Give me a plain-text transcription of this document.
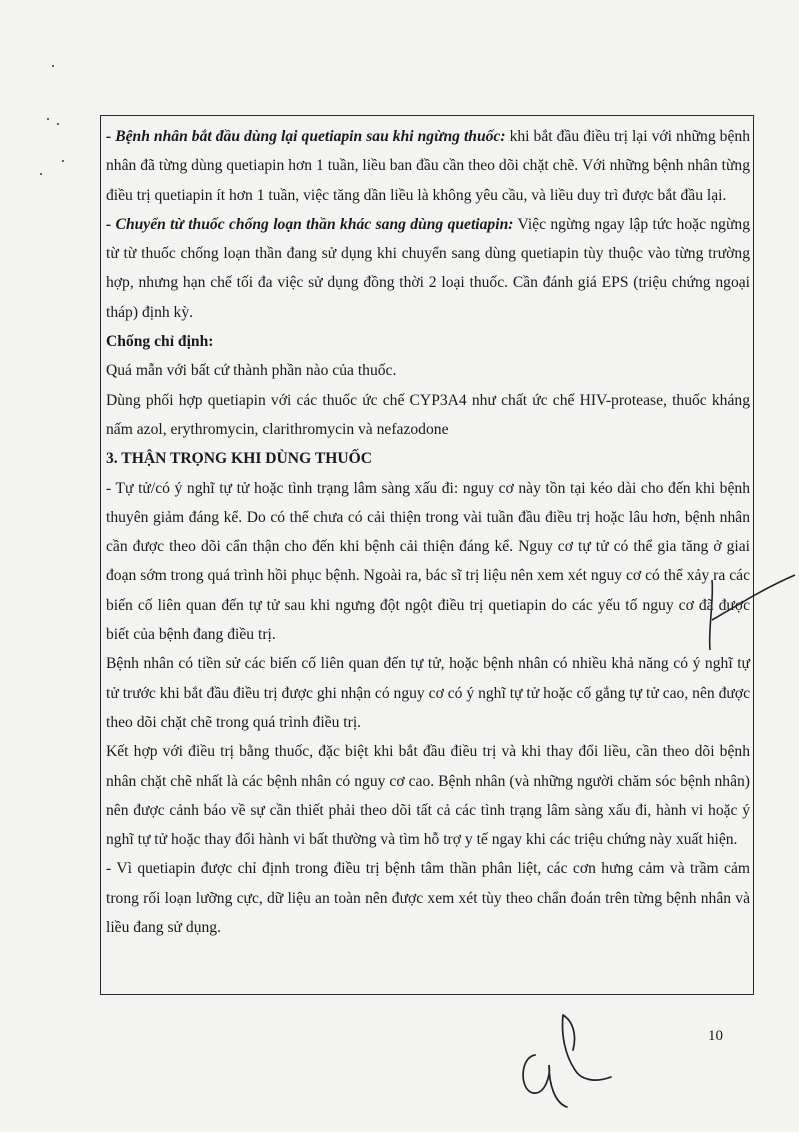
- Bệnh nhân bắt đầu dùng lại quetiapin sau khi ngừng thuốc: khi bắt đầu điều trị lại với những bệnh nhân đã từng dùng quetiapin hơn 1 tuần, liều ban đầu cần theo dõi chặt chẽ. Với những bệnh nhân từng điều trị quetiapin ít hơn 1 tuần, việc tăng dần liều là không yêu cầu, và liều duy trì được bắt đầu lại.

- Chuyển từ thuốc chống loạn thần khác sang dùng quetiapin: Việc ngừng ngay lập tức hoặc ngừng từ từ thuốc chống loạn thần đang sử dụng khi chuyển sang dùng quetiapin tùy thuộc vào từng trường hợp, nhưng hạn chế tối đa việc sử dụng đồng thời 2 loại thuốc. Cần đánh giá EPS (triệu chứng ngoại tháp) định kỳ.

Chống chỉ định:

Quá mẫn với bất cứ thành phần nào của thuốc.

Dùng phối hợp quetiapin với các thuốc ức chế CYP3A4 như chất ức chế HIV-protease, thuốc kháng nấm azol, erythromycin, clarithromycin và nefazodone

3. THẬN TRỌNG KHI DÙNG THUỐC

- Tự tử/có ý nghĩ tự tử hoặc tình trạng lâm sàng xấu đi: nguy cơ này tồn tại kéo dài cho đến khi bệnh thuyên giảm đáng kể. Do có thể chưa có cải thiện trong vài tuần đầu điều trị hoặc lâu hơn, bệnh nhân cần được theo dõi cẩn thận cho đến khi bệnh cải thiện đáng kể. Nguy cơ tự tử có thể gia tăng ở giai đoạn sớm trong quá trình hồi phục bệnh. Ngoài ra, bác sĩ trị liệu nên xem xét nguy cơ có thể xảy ra các biến cố liên quan đến tự tử sau khi ngưng đột ngột điều trị quetiapin do các yếu tố nguy cơ đã được biết của bệnh đang điều trị.

Bệnh nhân có tiền sử các biến cố liên quan đến tự tử, hoặc bệnh nhân có nhiều khả năng có ý nghĩ tự tử trước khi bắt đầu điều trị được ghi nhận có nguy cơ có ý nghĩ tự tử hoặc cố gắng tự tử cao, nên được theo dõi chặt chẽ trong quá trình điều trị.

Kết hợp với điều trị bằng thuốc, đặc biệt khi bắt đầu điều trị và khi thay đổi liều, cần theo dõi bệnh nhân chặt chẽ nhất là các bệnh nhân có nguy cơ cao. Bệnh nhân (và những người chăm sóc bệnh nhân) nên được cảnh báo về sự cần thiết phải theo dõi tất cả các tình trạng lâm sàng xấu đi, hành vi hoặc ý nghĩ tự tử hoặc thay đổi hành vi bất thường và tìm hỗ trợ y tế ngay khi các triệu chứng này xuất hiện.

- Vì quetiapin được chỉ định trong điều trị bệnh tâm thần phân liệt, các cơn hưng cảm và trầm cảm trong rối loạn lưỡng cực, dữ liệu an toàn nên được xem xét tùy theo chẩn đoán trên từng bệnh nhân và liều đang sử dụng.

10
